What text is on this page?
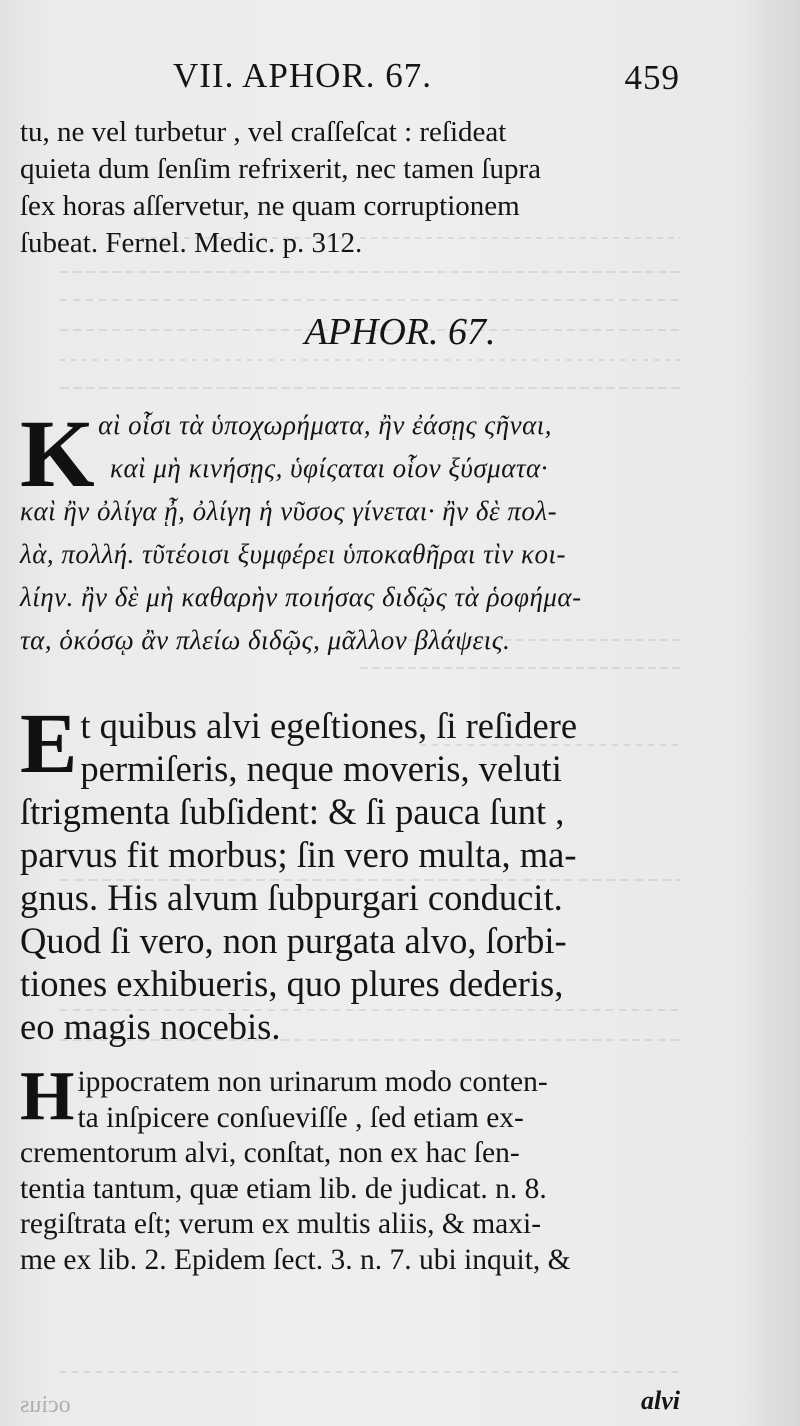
VII. APHOR. 67.	459
tu, ne vel turbetur , vel craſſeſcat : reſideat
quieta dum ſenſim refrixerit, nec tamen ſupra
ſex horas aſſervetur, ne quam corruptionem
ſubeat. Fernel. Medic. p. 312.
APHOR. 67.
K αὶ οἷσι τὰ ὑποχωρήματα, ἢν ἐάσῃς ςῆναι,
καὶ μὴ κινήσῃς, ὑφίςαται οἷον ξύσματα·
καὶ ἢν ὀλίγα ᾖ, ὀλίγη ἡ νῦσος γίνεται· ἢν δὲ πολ-
λὰ, πολλή. τῦτέοισι ξυμφέρει ὑποκαθῆραι τὶν κοι-
λίην. ἢν δὲ μὴ καθαρὴν ποιήσας διδῷς τὰ ῥοφήμα-
τα, ὁκόσῳ ἂν πλείω διδῷς, μᾶλλον βλάψεις.
E t quibus alvi egeſtiones, ſi reſidere
permiſeris, neque moveris, veluti
ſtrigmenta ſubſident: & ſi pauca ſunt ,
parvus fit morbus; ſin vero multa, ma-
gnus. His alvum ſubpurgari conducit.
Quod ſi vero, non purgata alvo, ſorbi-
tiones exhibueris, quo plures dederis,
eo magis nocebis.
H ippocratem non urinarum modo conten-
ta inſpicere conſueviſſe , ſed etiam ex-
crementorum alvi, conſtat, non ex hac ſen-
tentia tantum, quæ etiam lib. de judicat. n. 8.
regiſtrata eſt; verum ex multis aliis, & maxi-
me ex lib. 2. Epidem ſect. 3. n. 7. ubi inquit, &
alvi
ocius
